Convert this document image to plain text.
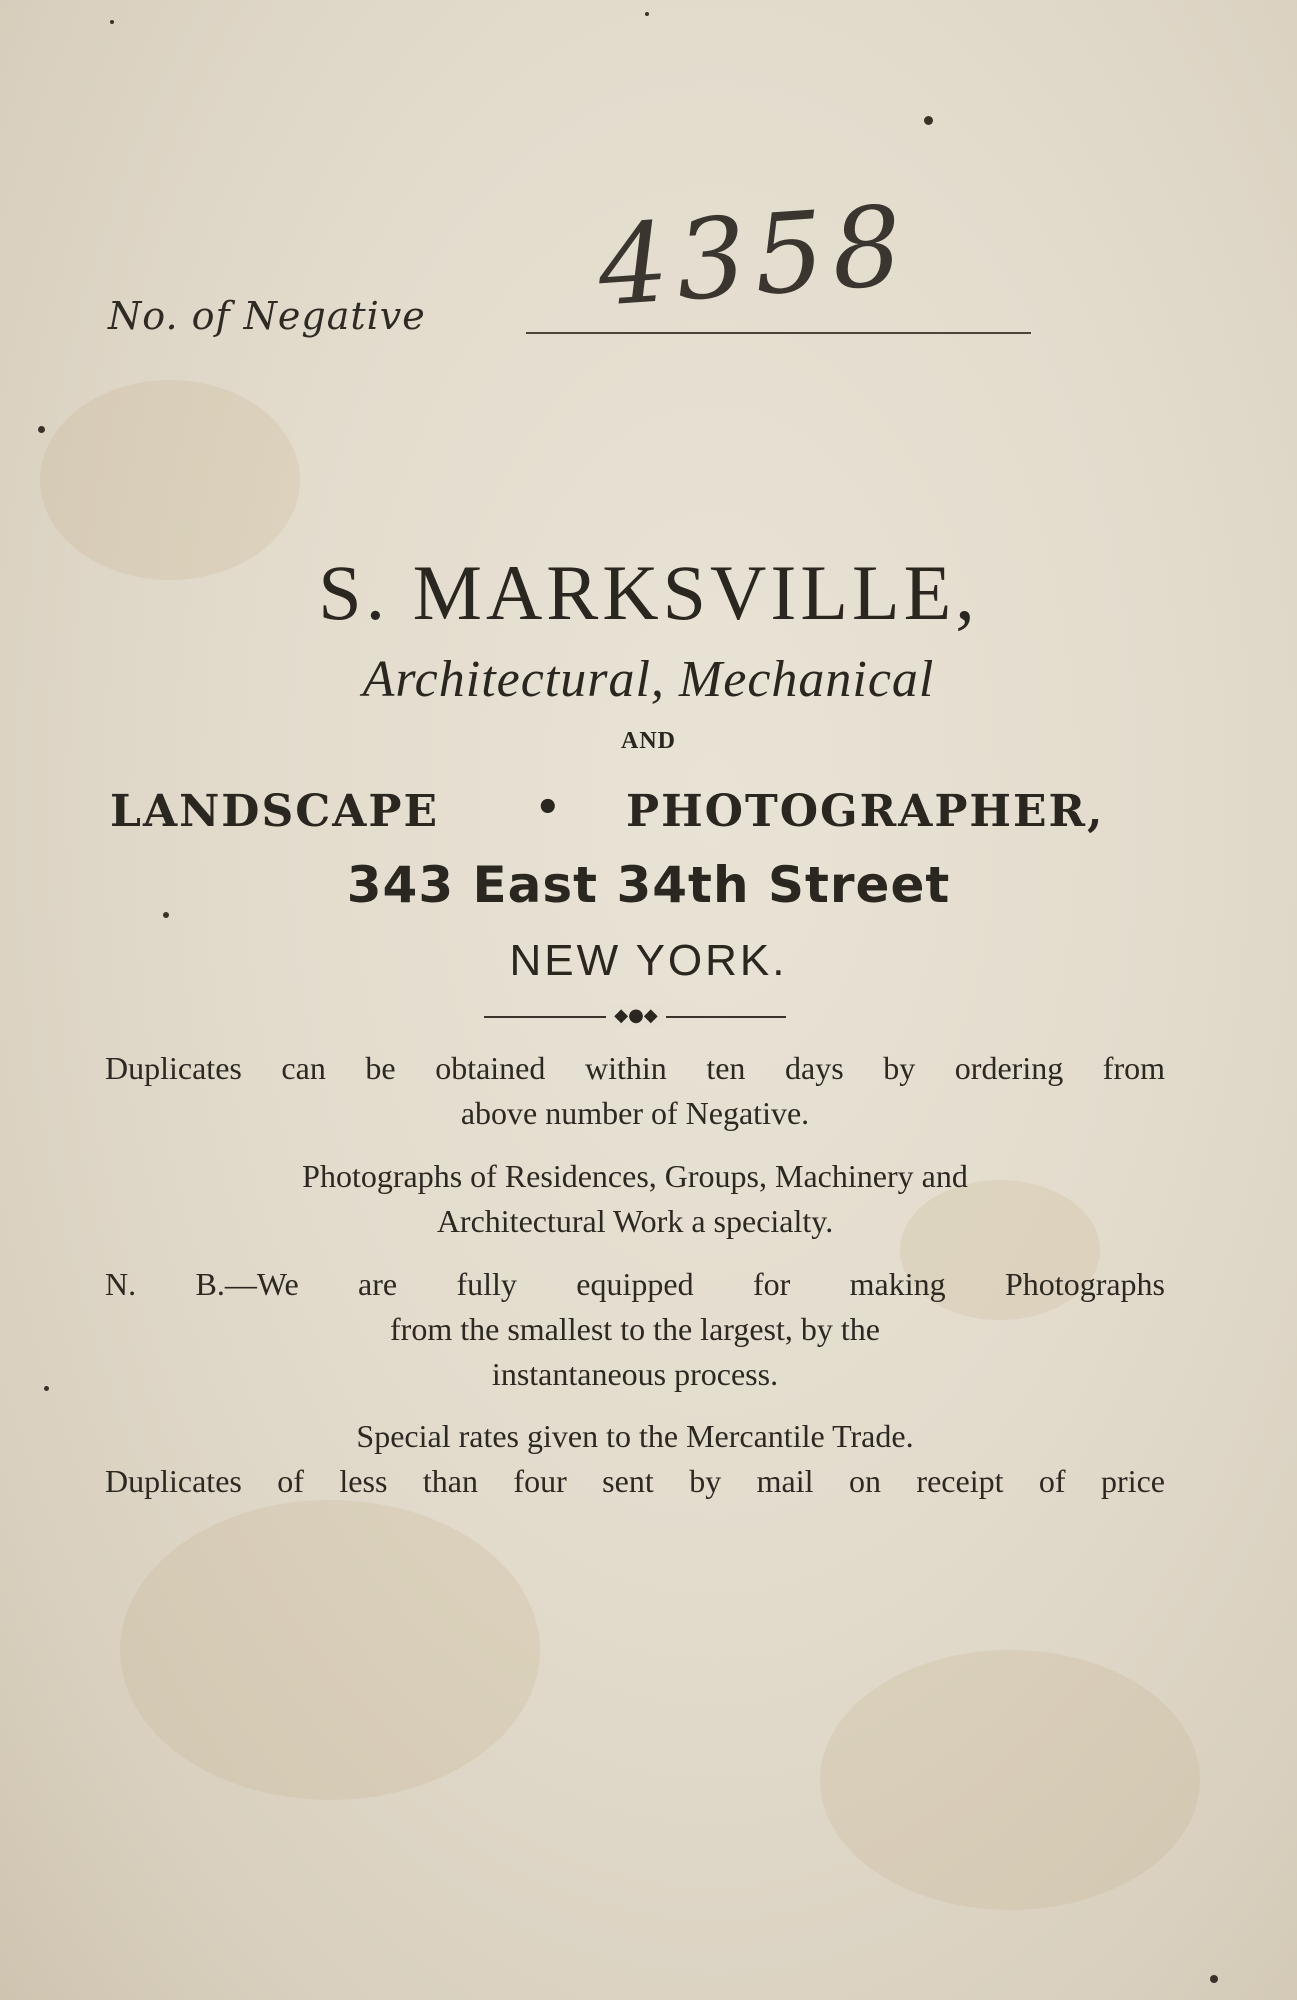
No. of Negative 4358
S. MARKSVILLE,
Architectural, Mechanical
AND
LANDSCAPE • PHOTOGRAPHER,
343 East 34th Street
NEW YORK.
◆●◆
Duplicates can be obtained within ten days by ordering from
above number of Negative.
Photographs of Residences, Groups, Machinery and
Architectural Work a specialty.
N. B.—We are fully equipped for making Photographs
from the smallest to the largest, by the
instantaneous process.
Special rates given to the Mercantile Trade.
Duplicates of less than four sent by mail on receipt of price
